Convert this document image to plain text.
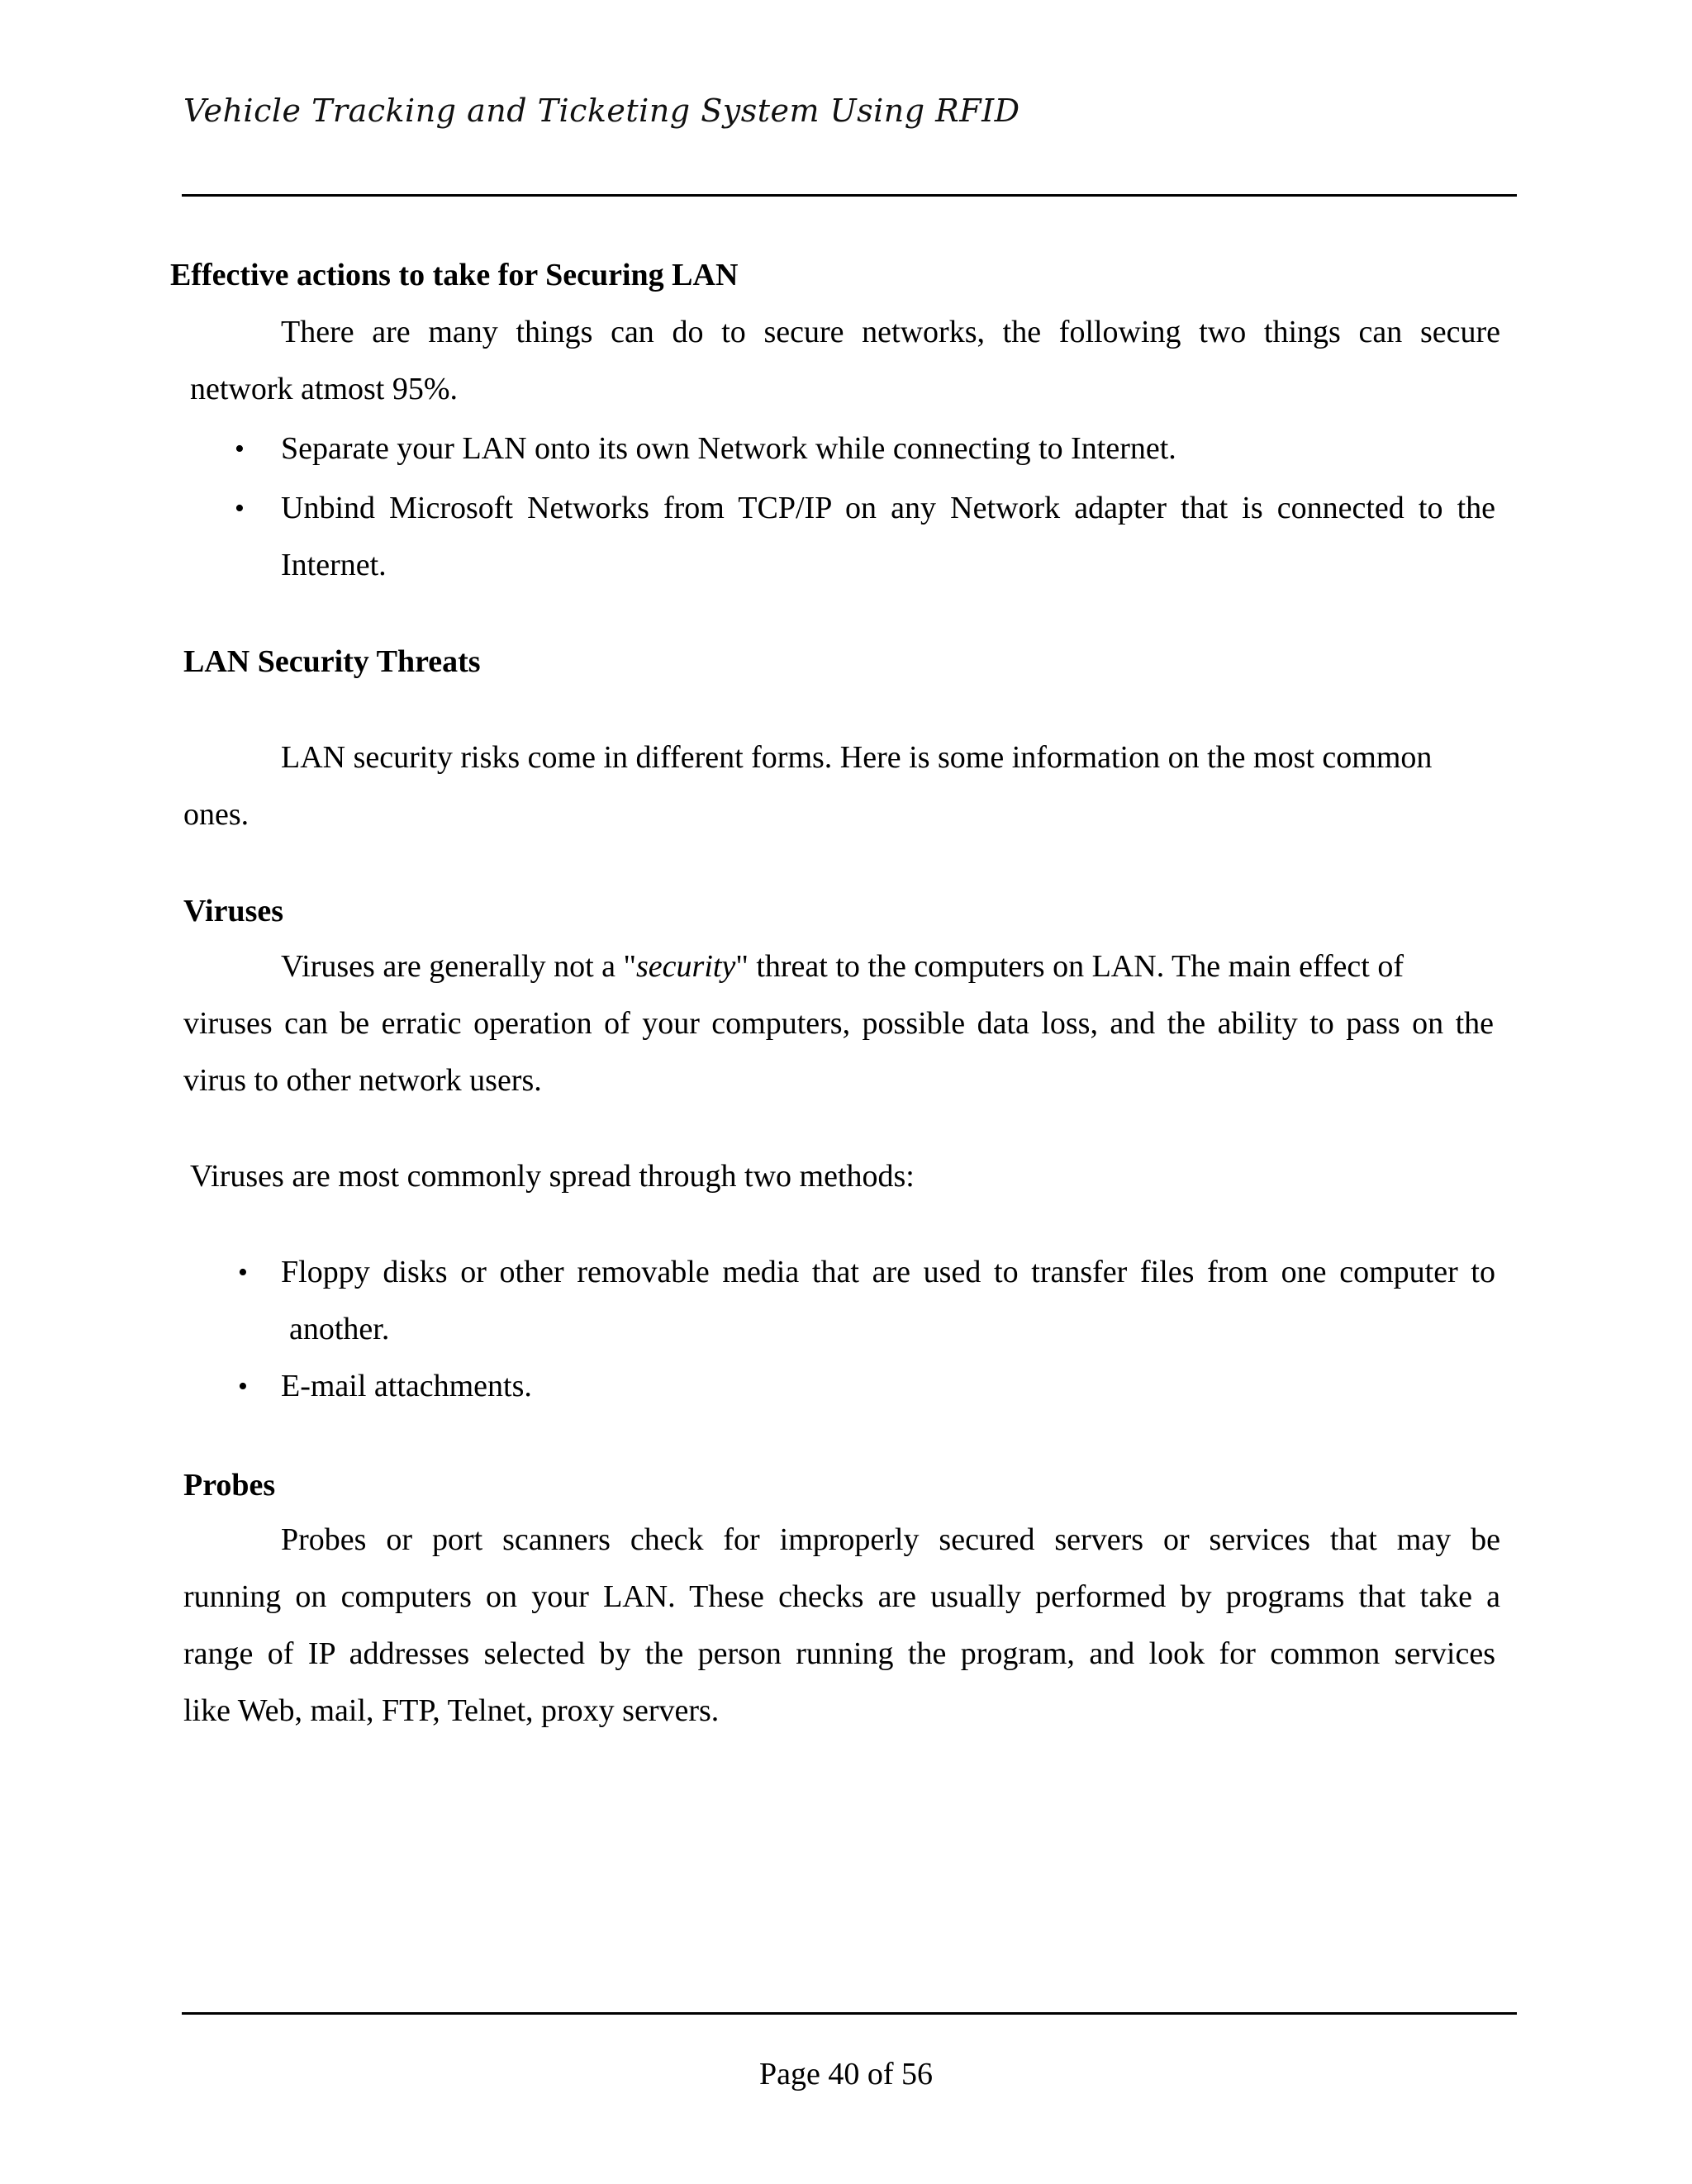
Vehicle Tracking and Ticketing System Using RFID
Effective actions to take for Securing LAN
There are many things can do to secure networks, the following two things can secure
network atmost 95%.
• Separate your LAN onto its own Network while connecting to Internet.
• Unbind Microsoft Networks from TCP/IP on any Network adapter that is connected to the
Internet.
LAN Security Threats
LAN security risks come in different forms. Here is some information on the most common
ones.
Viruses
Viruses are generally not a "security" threat to the computers on LAN. The main effect of
viruses can be erratic operation of your computers, possible data loss, and the ability to pass on the
virus to other network users.
Viruses are most commonly spread through two methods:
• Floppy disks or other removable media that are used to transfer files from one computer to
another.
• E-mail attachments.
Probes
Probes or port scanners check for improperly secured servers or services that may be
running on computers on your LAN. These checks are usually performed by programs that take a
range of IP addresses selected by the person running the program, and look for common services
like Web, mail, FTP, Telnet, proxy servers.
Page 40 of 56
